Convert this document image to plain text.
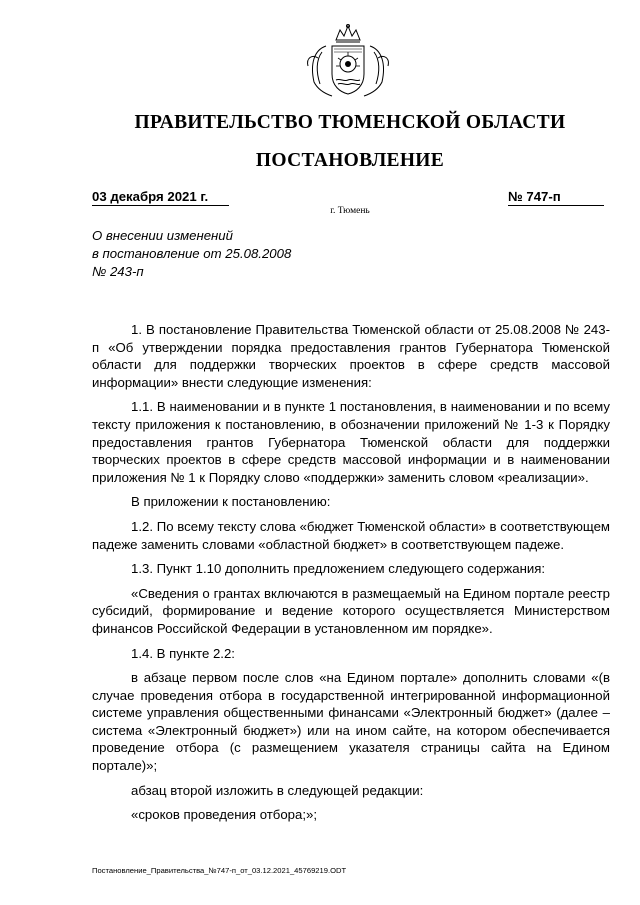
ПРАВИТЕЛЬСТВО ТЮМЕНСКОЙ ОБЛАСТИ
ПОСТАНОВЛЕНИЕ
03 декабря 2021 г.	№ 747-п
г. Тюмень
О внесении изменений
в постановление от 25.08.2008
№ 243-п

1. В постановление Правительства Тюменской области от 25.08.2008 № 243-п «Об утверждении порядка предоставления грантов Губернатора Тюменской области для поддержки творческих проектов в сфере средств массовой информации» внести следующие изменения:

1.1. В наименовании и в пункте 1 постановления, в наименовании и по всему тексту приложения к постановлению, в обозначении приложений № 1-3 к Порядку предоставления грантов Губернатора Тюменской области для поддержки творческих проектов в сфере средств массовой информации и в наименовании приложения № 1 к Порядку слово «поддержки» заменить словом «реализации».

В приложении к постановлению:

1.2. По всему тексту слова «бюджет Тюменской области» в соответствующем падеже заменить словами «областной бюджет» в соответствующем падеже.

1.3. Пункт 1.10 дополнить предложением следующего содержания:

«Сведения о грантах включаются в размещаемый на Едином портале реестр субсидий, формирование и ведение которого осуществляется Министерством финансов Российской Федерации в установленном им порядке».

1.4. В пункте 2.2:

в абзаце первом после слов «на Едином портале» дополнить словами «(в случае проведения отбора в государственной интегрированной информационной системе управления общественными финансами «Электронный бюджет» (далее – система «Электронный бюджет») или на ином сайте, на котором обеспечивается проведение отбора (с размещением указателя страницы сайта на Едином портале)»;

абзац второй изложить в следующей редакции:

«сроков проведения отбора;»;

Постановление_Правительства_№747-п_от_03.12.2021_45769219.ODT
